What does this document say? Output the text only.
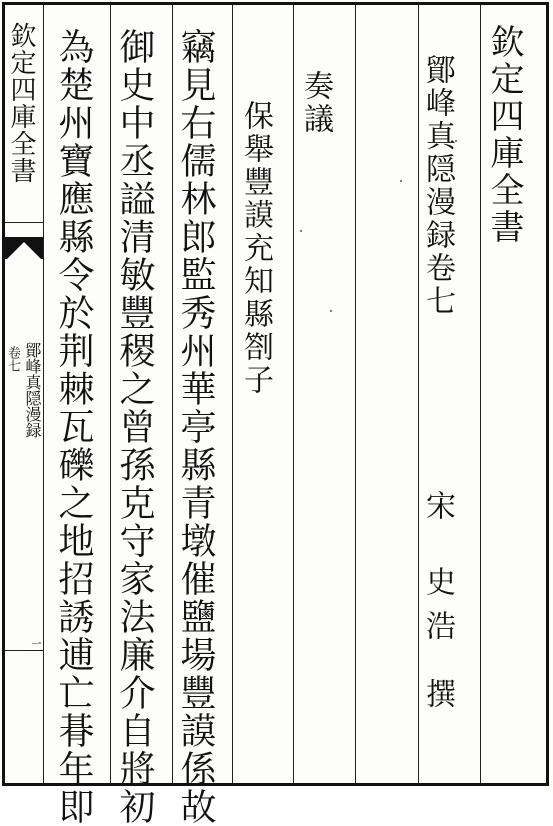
欽定四庫全書
卷七 鄮峰真隠漫録
二
欽定四庫全書
鄮峰真隠漫録卷七
宋
史浩
撰
奏議
保舉豐謨充知縣劄子
竊見右儒林郎監秀州華亭縣青墩催鹽場豐謨係故
御史中丞謚清敏豐稷之曾孫克守家法廉介自將初
為楚州寶應縣令於荆棘瓦礫之地招誘逋亡朞年即
